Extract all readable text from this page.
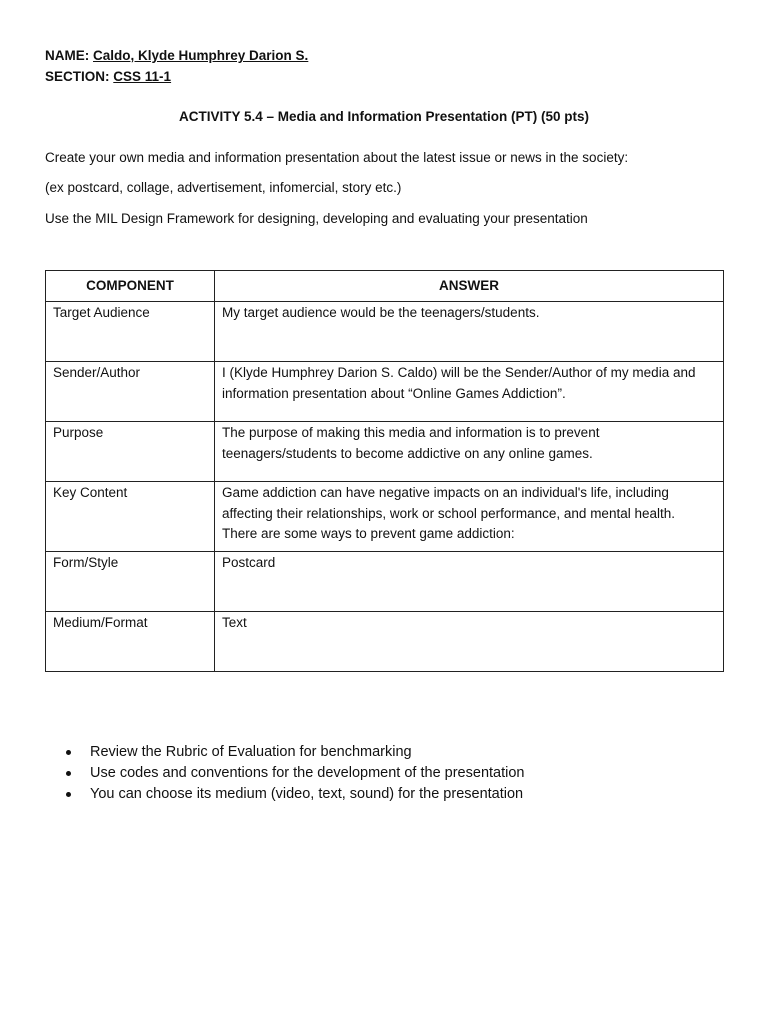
NAME: Caldo, Klyde Humphrey Darion S.
SECTION: CSS 11-1
ACTIVITY 5.4 – Media and Information Presentation (PT) (50 pts)
Create your own media and information presentation about the latest issue or news in the society:
(ex postcard, collage, advertisement, infomercial, story etc.)
Use the MIL Design Framework for designing, developing and evaluating your presentation
COMPONENT	ANSWER
Target Audience	My target audience would be the teenagers/students.

Sender/Author	I (Klyde Humphrey Darion S. Caldo) will be the Sender/Author of my media and
information presentation about “Online Games Addiction”.

Purpose	The purpose of making this media and information is to prevent
teenagers/students to become addictive on any online games.

Key Content	Game addiction can have negative impacts on an individual's life, including
affecting their relationships, work or school performance, and mental health.
There are some ways to prevent game addiction:

Form/Style	Postcard

Medium/Format	Text
Review the Rubric of Evaluation for benchmarking
Use codes and conventions for the development of the presentation
You can choose its medium (video, text, sound) for the presentation
